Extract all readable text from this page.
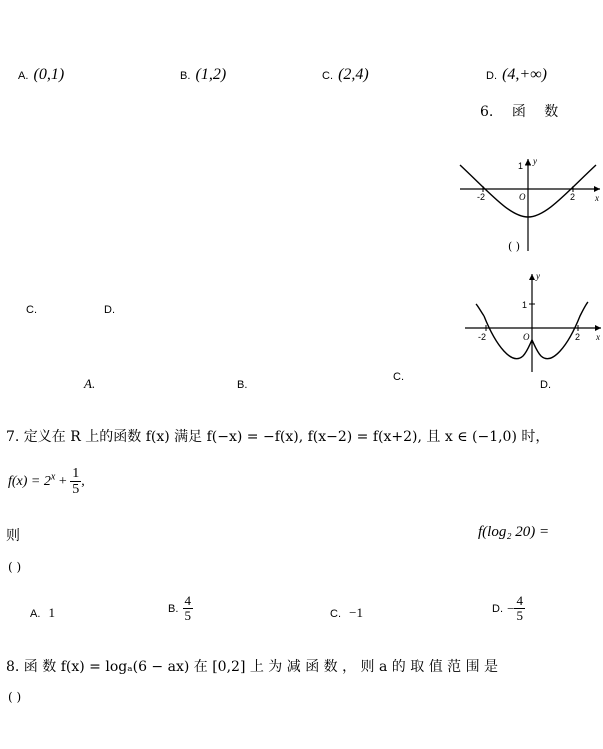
A. (0,1)	B. (1,2)	C. (2,4)	D. (4,+∞)
6. 函 数
y
x
-2	2
1
O
( )
y
x
-2	2
1
O
C.	D.
A.	B.
C.
D.
7. 定义在 R 上的函数 f(x) 满足 f(−x) = −f(x), f(x−2) = f(x+2), 且 x ∈ (−1,0) 时，
$f(x) = 2^x + \frac{1}{5}$ ,
则	f(log₂ 20) =
( )
A. 1	B. $\frac{4}{5}$	C. −1	D. − $\frac{4}{5}$
8. 函 数 f(x) = logₐ(6 − ax) 在 [0,2] 上 为 减 函 数 ， 则 a 的 取 值 范 围 是
( )
